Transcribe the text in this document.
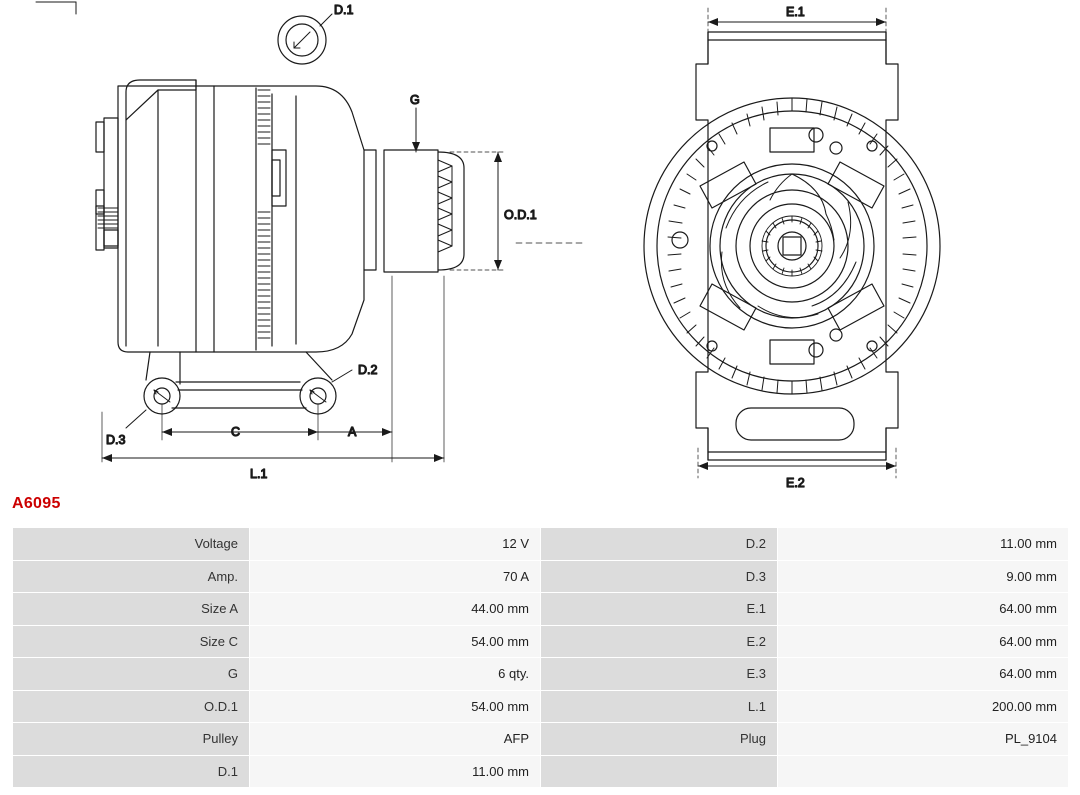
D.1
G
O.D.1
D.2
D.3
C	A
L.1
E.1
E.2
A6095
Voltage	12 V	D.2	11.00 mm
Amp.	70 A	D.3	9.00 mm
Size A	44.00 mm	E.1	64.00 mm
Size C	54.00 mm	E.2	64.00 mm
G	6 qty.	E.3	64.00 mm
O.D.1	54.00 mm	L.1	200.00 mm
Pulley	AFP	Plug	PL_9104
D.1	11.00 mm		
